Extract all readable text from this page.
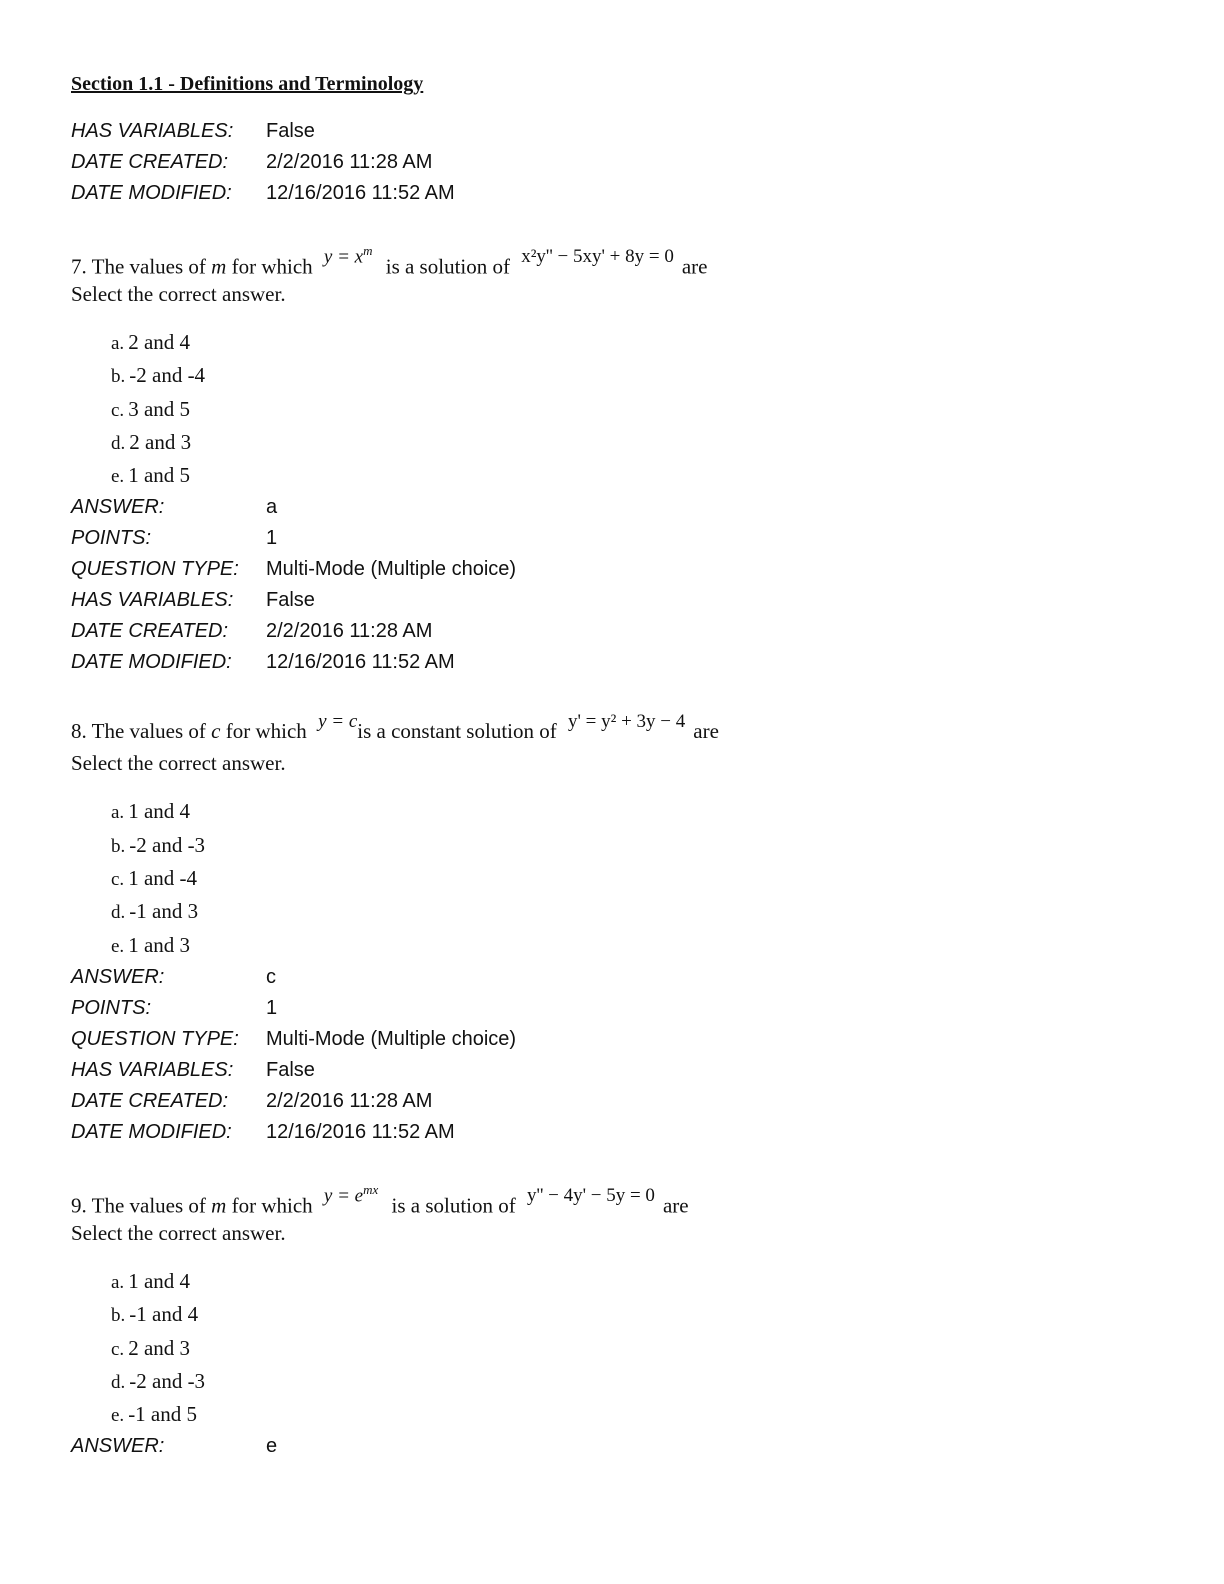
Section 1.1 - Definitions and Terminology
HAS VARIABLES:	False
DATE CREATED:	2/2/2016 11:28 AM
DATE MODIFIED:	12/16/2016 11:52 AM
7. The values of m for which $y = x^m$ is a solution of x²y'' − 5xy' + 8y = 0 are
Select the correct answer.
a. 2 and 4
b. -2 and -4
c. 3 and 5
d. 2 and 3
e. 1 and 5
ANSWER:	a
POINTS:	1
QUESTION TYPE:	Multi-Mode (Multiple choice)
HAS VARIABLES:	False
DATE CREATED:	2/2/2016 11:28 AM
DATE MODIFIED:	12/16/2016 11:52 AM
8. The values of c for which y = cis a constant solution of y' = y² + 3y − 4 are
Select the correct answer.
a. 1 and 4
b. -2 and -3
c. 1 and -4
d. -1 and 3
e. 1 and 3
ANSWER:	c
POINTS:	1
QUESTION TYPE:	Multi-Mode (Multiple choice)
HAS VARIABLES:	False
DATE CREATED:	2/2/2016 11:28 AM
DATE MODIFIED:	12/16/2016 11:52 AM
9. The values of m for which $y = e^{mx}$ is a solution of y'' − 4y' − 5y = 0 are
Select the correct answer.
a. 1 and 4
b. -1 and 4
c. 2 and 3
d. -2 and -3
e. -1 and 5
ANSWER:	e
